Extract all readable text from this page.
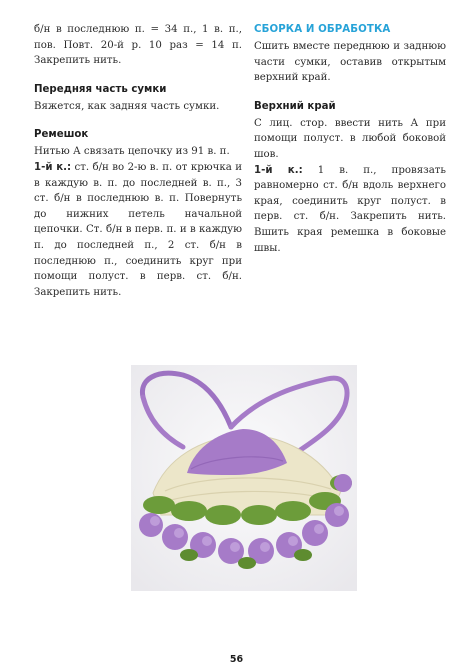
б/н в последнюю п. = 34 п., 1 в. п., пов. Повт. 20-й р. 10 раз = 14 п. Закрепить нить.

Передняя часть сумки

Вяжется, как задняя часть сумки.

Ремешок

Нитью А связать цепочку из 91 в. п.

1-й к.: ст. б/н во 2-ю в. п. от крючка и в каждую в. п. до последней в. п., 3 ст. б/н в последнюю в. п. Повернуть до нижних петель начальной цепочки. Ст. б/н в перв. п. и в каждую п. до последней п., 2 ст. б/н в последнюю п., соединить круг при помощи полуст. в перв. ст. б/н. Закрепить нить.

СБОРКА И ОБРАБОТКА

Сшить вместе переднюю и заднюю части сумки, оставив открытым верхний край.

Верхний край

С лиц. стор. ввести нить А при помощи полуст. в любой боковой шов.

1-й к.: 1 в. п., провязать равномерно ст. б/н вдоль верхнего края, соединить круг полуст. в перв. ст. б/н. Закрепить нить. Вшить края ремешка в боковые швы.

56
